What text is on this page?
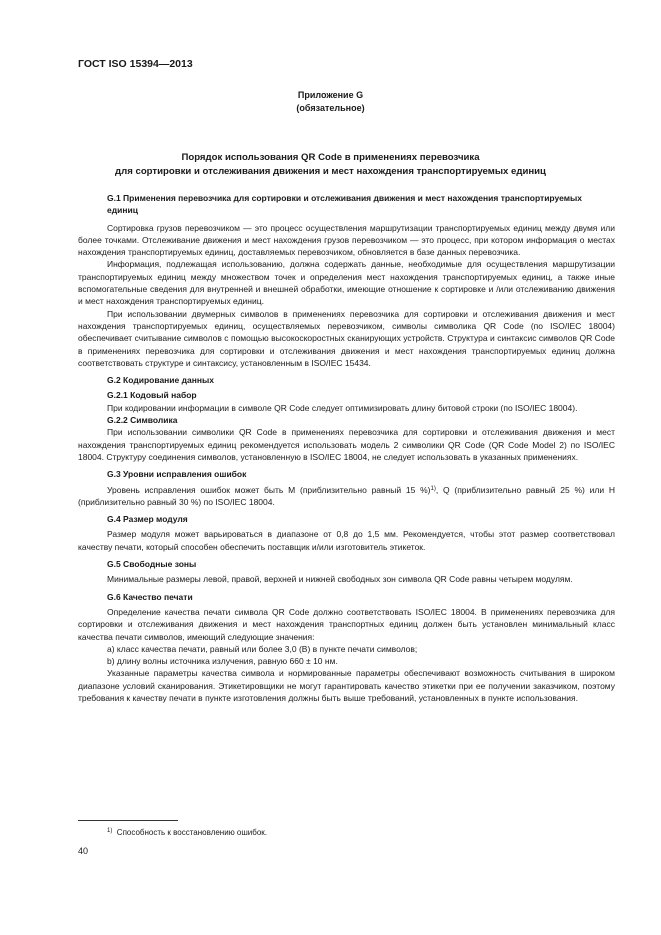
ГОСТ ISO 15394—2013
Приложение G
(обязательное)
Порядок использования QR Code в применениях перевозчика
для сортировки и отслеживания движения и мест нахождения транспортируемых единиц
G.1 Применения перевозчика для сортировки и отслеживания движения и мест нахождения транспортируемых единиц

Сортировка грузов перевозчиком — это процесс осуществления маршрутизации транспортируемых единиц между двумя или более точками. Отслеживание движения и мест нахождения грузов перевозчиком — это процесс, при котором информация о местах нахождения транспортируемых единиц, доставляемых перевозчиком, обновляется в базе данных перевозчика.

Информация, подлежащая использованию, должна содержать данные, необходимые для осуществления маршрутизации транспортируемых единиц между множеством точек и определения мест нахождения транспортируемых единиц, а также иные вспомогательные сведения для внутренней и внешней обработки, имеющие отношение к сортировке и /или отслеживанию движения и мест нахождения транспортируемых единиц.

При использовании двумерных символов в применениях перевозчика для сортировки и отслеживания движения и мест нахождения транспортируемых единиц, осуществляемых перевозчиком, символы символика QR Code (по ISO/IEC 18004) обеспечивает считывание символов с помощью высокоскоростных сканирующих устройств. Структура и синтаксис символов QR Code в применениях перевозчика для сортировки и отслеживания движения и мест нахождения транспортируемых единиц должна соответствовать структуре и синтаксису, установленным в ISO/IEC 15434.

G.2 Кодирование данных
G.2.1 Кодовый набор

При кодировании информации в символе QR Code следует оптимизировать длину битовой строки (по ISO/IEC 18004).

G.2.2 Символика

При использовании символики QR Code в применениях перевозчика для сортировки и отслеживания движения и мест нахождения транспортируемых единиц рекомендуется использовать модель 2 символики QR Code (QR Code Model 2) по ISO/IEC 18004. Структуру соединения символов, установленную в ISO/IEC 18004, не следует использовать в указанных применениях.

G.3 Уровни исправления ошибок

Уровень исправления ошибок может быть М (приблизительно равный 15 %)$^{1)}$, Q (приблизительно равный 25 %) или Н (приблизительно равный 30 %) по ISO/IEC 18004.

G.4 Размер модуля

Размер модуля может варьироваться в диапазоне от 0,8 до 1,5 мм. Рекомендуется, чтобы этот размер соответствовал качеству печати, который способен обеспечить поставщик и/или изготовитель этикеток.

G.5 Свободные зоны

Минимальные размеры левой, правой, верхней и нижней свободных зон символа QR Code равны четырем модулям.

G.6 Качество печати

Определение качества печати символа QR Code должно соответствовать ISO/IEC 18004. В применениях перевозчика для сортировки и отслеживания движения и мест нахождения транспортных единиц должен быть установлен минимальный класс качества печати символов, имеющий следующие значения:

а) класс качества печати, равный или более 3,0 (В) в пункте печати символов;

b) длину волны источника излучения, равную 660 ± 10 нм.

Указанные параметры качества символа и нормированные параметры обеспечивают возможность считывания в широком диапазоне условий сканирования. Этикетировщики не могут гарантировать качество этикетки при ее получении заказчиком, поэтому требования к качеству печати в пункте изготовления должны быть выше требований, установленных в пункте использования.

$^{1)}$ Способность к восстановлению ошибок.
40
